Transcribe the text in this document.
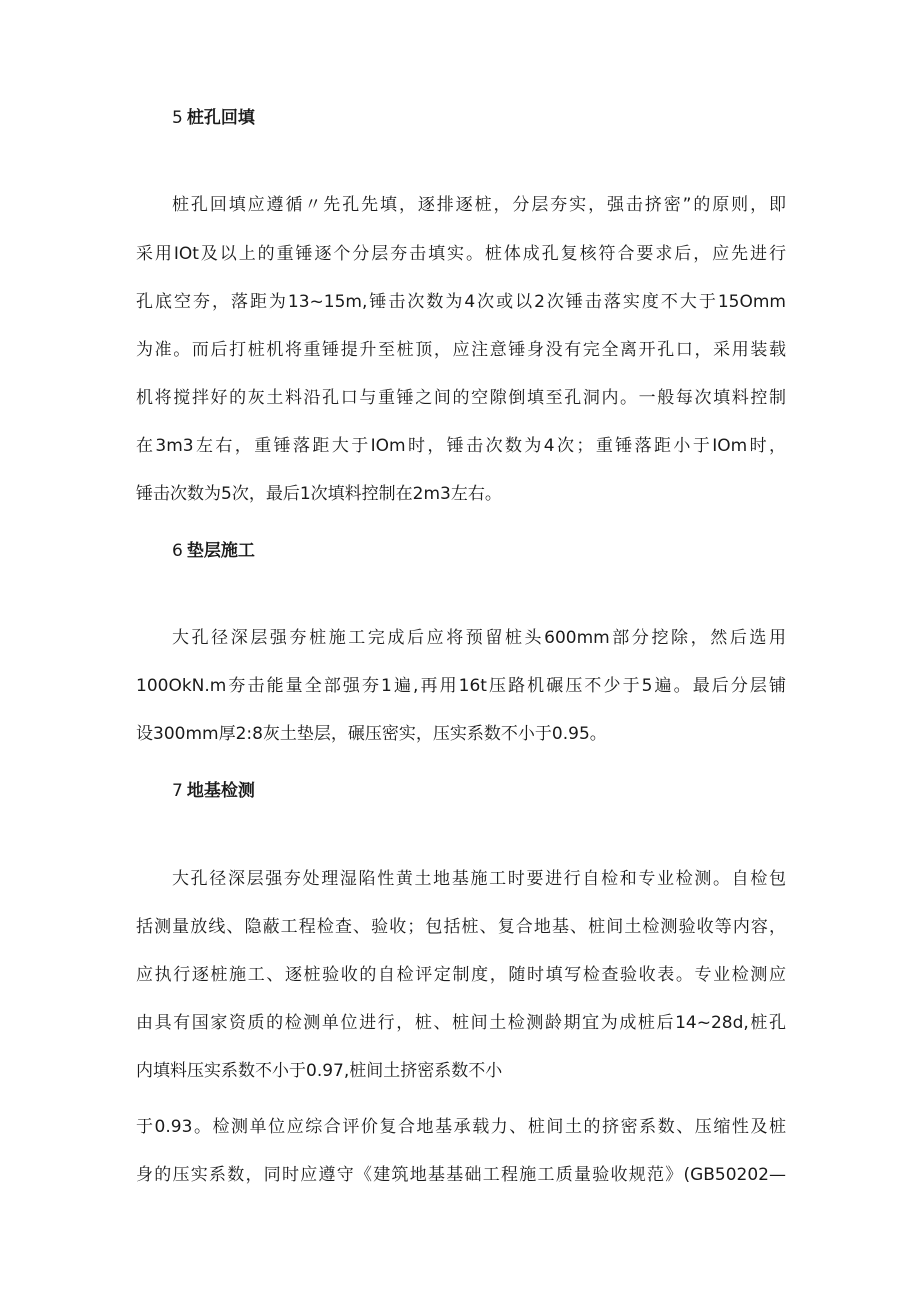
5 桩孔回填

桩孔回填应遵循〃先孔先填，逐排逐桩，分层夯实，强击挤密”的原则，即

采用IOt及以上的重锤逐个分层夯击填实。桩体成孔复核符合要求后，应先进行

孔底空夯，落距为13~15m,锤击次数为4次或以2次锤击落实度不大于15Omm

为准。而后打桩机将重锤提升至桩顶，应注意锤身没有完全离开孔口，采用装载

机将搅拌好的灰土料沿孔口与重锤之间的空隙倒填至孔洞内。一般每次填料控制

在3m3左右，重锤落距大于IOm时，锤击次数为4次；重锤落距小于IOm时，

锤击次数为5次，最后1次填料控制在2m3左右。

6 垫层施工

大孔径深层强夯桩施工完成后应将预留桩头600mm部分挖除，然后选用

100OkN.m夯击能量全部强夯1遍,再用16t压路机碾压不少于5遍。最后分层铺

设300mm厚2:8灰土垫层，碾压密实，压实系数不小于0.95。

7 地基检测

大孔径深层强夯处理湿陷性黄土地基施工时要进行自检和专业检测。自检包

括测量放线、隐蔽工程检查、验收；包括桩、复合地基、桩间土检测验收等内容，

应执行逐桩施工、逐桩验收的自检评定制度，随时填写检查验收表。专业检测应

由具有国家资质的检测单位进行，桩、桩间土检测龄期宜为成桩后14~28d,桩孔

内填料压实系数不小于0.97,桩间土挤密系数不小

于0.93。检测单位应综合评价复合地基承载力、桩间土的挤密系数、压缩性及桩

身的压实系数，同时应遵守《建筑地基基础工程施工质量验收规范》(GB50202—
